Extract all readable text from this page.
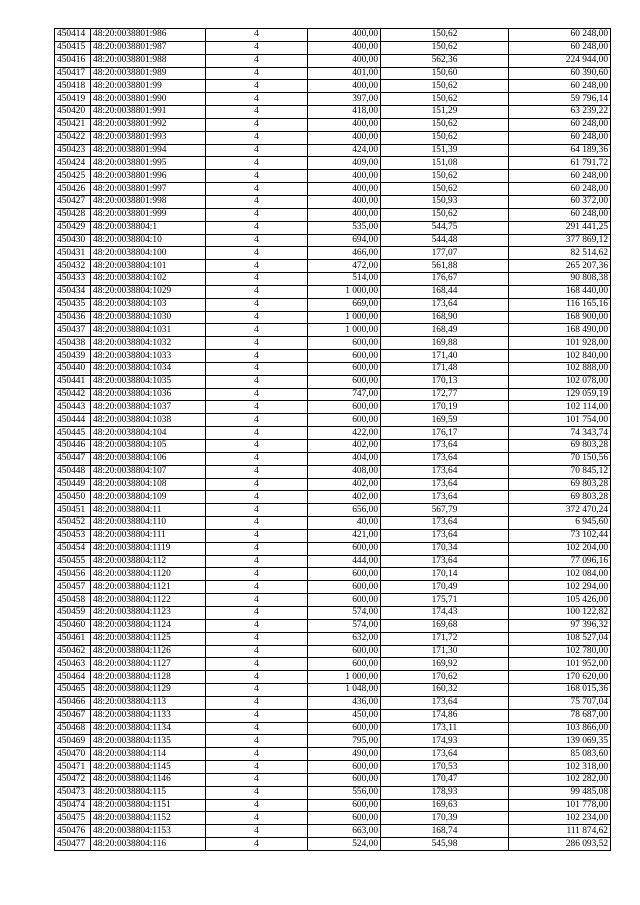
450414	48:20:0038801:986	4	400,00	150,62	60 248,00
450415	48:20:0038801:987	4	400,00	150,62	60 248,00
450416	48:20:0038801:988	4	400,00	562,36	224 944,00
450417	48:20:0038801:989	4	401,00	150,60	60 390,60
450418	48:20:0038801:99	4	400,00	150,62	60 248,00
450419	48:20:0038801:990	4	397,00	150,62	59 796,14
450420	48:20:0038801:991	4	418,00	151,29	63 239,22
450421	48:20:0038801:992	4	400,00	150,62	60 248,00
450422	48:20:0038801:993	4	400,00	150,62	60 248,00
450423	48:20:0038801:994	4	424,00	151,39	64 189,36
450424	48:20:0038801:995	4	409,00	151,08	61 791,72
450425	48:20:0038801:996	4	400,00	150,62	60 248,00
450426	48:20:0038801:997	4	400,00	150,62	60 248,00
450427	48:20:0038801:998	4	400,00	150,93	60 372,00
450428	48:20:0038801:999	4	400,00	150,62	60 248,00
450429	48:20:0038804:1	4	535,00	544,75	291 441,25
450430	48:20:0038804:10	4	694,00	544,48	377 869,12
450431	48:20:0038804:100	4	466,00	177,07	82 514,62
450432	48:20:0038804:101	4	472,00	561,88	265 207,36
450433	48:20:0038804:102	4	514,00	176,67	90 808,38
450434	48:20:0038804:1029	4	1 000,00	168,44	168 440,00
450435	48:20:0038804:103	4	669,00	173,64	116 165,16
450436	48:20:0038804:1030	4	1 000,00	168,90	168 900,00
450437	48:20:0038804:1031	4	1 000,00	168,49	168 490,00
450438	48:20:0038804:1032	4	600,00	169,88	101 928,00
450439	48:20:0038804:1033	4	600,00	171,40	102 840,00
450440	48:20:0038804:1034	4	600,00	171,48	102 888,00
450441	48:20:0038804:1035	4	600,00	170,13	102 078,00
450442	48:20:0038804:1036	4	747,00	172,77	129 059,19
450443	48:20:0038804:1037	4	600,00	170,19	102 114,00
450444	48:20:0038804:1038	4	600,00	169,59	101 754,00
450445	48:20:0038804:104	4	422,00	176,17	74 343,74
450446	48:20:0038804:105	4	402,00	173,64	69 803,28
450447	48:20:0038804:106	4	404,00	173,64	70 150,56
450448	48:20:0038804:107	4	408,00	173,64	70 845,12
450449	48:20:0038804:108	4	402,00	173,64	69 803,28
450450	48:20:0038804:109	4	402,00	173,64	69 803,28
450451	48:20:0038804:11	4	656,00	567,79	372 470,24
450452	48:20:0038804:110	4	40,00	173,64	6 945,60
450453	48:20:0038804:111	4	421,00	173,64	73 102,44
450454	48:20:0038804:1119	4	600,00	170,34	102 204,00
450455	48:20:0038804:112	4	444,00	173,64	77 096,16
450456	48:20:0038804:1120	4	600,00	170,14	102 084,00
450457	48:20:0038804:1121	4	600,00	170,49	102 294,00
450458	48:20:0038804:1122	4	600,00	175,71	105 426,00
450459	48:20:0038804:1123	4	574,00	174,43	100 122,82
450460	48:20:0038804:1124	4	574,00	169,68	97 396,32
450461	48:20:0038804:1125	4	632,00	171,72	108 527,04
450462	48:20:0038804:1126	4	600,00	171,30	102 780,00
450463	48:20:0038804:1127	4	600,00	169,92	101 952,00
450464	48:20:0038804:1128	4	1 000,00	170,62	170 620,00
450465	48:20:0038804:1129	4	1 048,00	160,32	168 015,36
450466	48:20:0038804:113	4	436,00	173,64	75 707,04
450467	48:20:0038804:1133	4	450,00	174,86	78 687,00
450468	48:20:0038804:1134	4	600,00	173,11	103 866,00
450469	48:20:0038804:1135	4	795,00	174,93	139 069,35
450470	48:20:0038804:114	4	490,00	173,64	85 083,60
450471	48:20:0038804:1145	4	600,00	170,53	102 318,00
450472	48:20:0038804:1146	4	600,00	170,47	102 282,00
450473	48:20:0038804:115	4	556,00	178,93	99 485,08
450474	48:20:0038804:1151	4	600,00	169,63	101 778,00
450475	48:20:0038804:1152	4	600,00	170,39	102 234,00
450476	48:20:0038804:1153	4	663,00	168,74	111 874,62
450477	48:20:0038804:116	4	524,00	545,98	286 093,52
